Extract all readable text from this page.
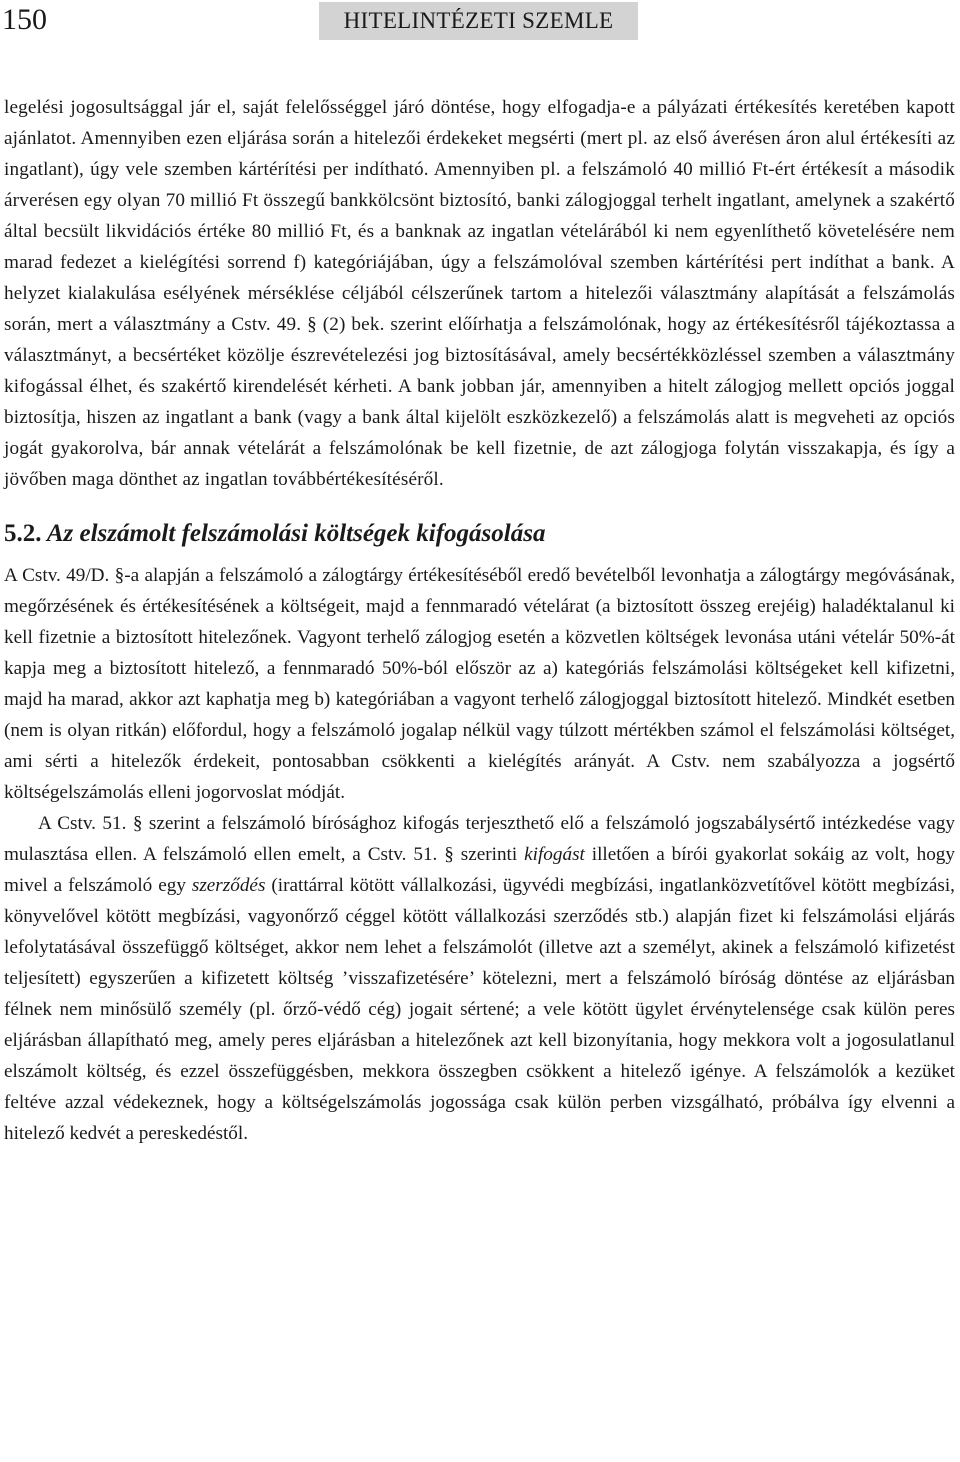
150	HITELINTÉZETI SZEMLE

legelési jogosultsággal jár el, saját felelősséggel járó döntése, hogy elfogadja-e a pályázati értékesítés keretében kapott ajánlatot. Amennyiben ezen eljárása során a hitelezői érdekeket megsérti (mert pl. az első áverésen áron alul értékesíti az ingatlant), úgy vele szemben kártérítési per indítható. Amennyiben pl. a felszámoló 40 millió Ft-ért értékesít a második árverésen egy olyan 70 millió Ft összegű bankkölcsönt biztosító, banki zálogjoggal terhelt ingatlant, amelynek a szakértő által becsült likvidációs értéke 80 millió Ft, és a banknak az ingatlan vételárából ki nem egyenlíthető követelésére nem marad fedezet a kielégítési sorrend f) kategóriájában, úgy a felszámolóval szemben kártérítési pert indíthat a bank. A helyzet kialakulása esélyének mérséklése céljából célszerűnek tartom a hitelezői választmány alapítását a felszámolás során, mert a választmány a Cstv. 49. § (2) bek. szerint előírhatja a felszámolónak, hogy az értékesítésről tájékoztassa a választmányt, a becsértéket közölje észrevételezési jog biztosításával, amely becsértékközléssel szemben a választmány kifogással élhet, és szakértő kirendelését kérheti. A bank jobban jár, amennyiben a hitelt zálogjog mellett opciós joggal biztosítja, hiszen az ingatlant a bank (vagy a bank által kijelölt eszközkezelő) a felszámolás alatt is megveheti az opciós jogát gyakorolva, bár annak vételárát a felszámolónak be kell fizetnie, de azt zálogjoga folytán visszakapja, és így a jövőben maga dönthet az ingatlan továbbértékesítéséről.

5.2. Az elszámolt felszámolási költségek kifogásolása

A Cstv. 49/D. §-a alapján a felszámoló a zálogtárgy értékesítéséből eredő bevételből levonhatja a zálogtárgy megóvásának, megőrzésének és értékesítésének a költségeit, majd a fennmaradó vételárat (a biztosított összeg erejéig) haladéktalanul ki kell fizetnie a biztosított hitelezőnek. Vagyont terhelő zálogjog esetén a közvetlen költségek levonása utáni vételár 50%-át kapja meg a biztosított hitelező, a fennmaradó 50%-ból először az a) kategóriás felszámolási költségeket kell kifizetni, majd ha marad, akkor azt kaphatja meg b) kategóriában a vagyont terhelő zálogjoggal biztosított hitelező. Mindkét esetben (nem is olyan ritkán) előfordul, hogy a felszámoló jogalap nélkül vagy túlzott mértékben számol el felszámolási költséget, ami sérti a hitelezők érdekeit, pontosabban csökkenti a kielégítés arányát. A Cstv. nem szabályozza a jogsértő költségelszámolás elleni jogorvoslat módját.

A Cstv. 51. § szerint a felszámoló bírósághoz kifogás terjeszthető elő a felszámoló jogszabálysértő intézkedése vagy mulasztása ellen. A felszámoló ellen emelt, a Cstv. 51. § szerinti kifogást illetően a bírói gyakorlat sokáig az volt, hogy mivel a felszámoló egy szerződés (irattárral kötött vállalkozási, ügyvédi megbízási, ingatlanközvetítővel kötött megbízási, könyvelővel kötött megbízási, vagyonőrző céggel kötött vállalkozási szerződés stb.) alapján fizet ki felszámolási eljárás lefolytatásával összefüggő költséget, akkor nem lehet a felszámolót (illetve azt a személyt, akinek a felszámoló kifizetést teljesített) egyszerűen a kifizetett költség ’visszafizetésére’ kötelezni, mert a felszámoló bíróság döntése az eljárásban félnek nem minősülő személy (pl. őrző-védő cég) jogait sértené; a vele kötött ügylet érvénytelensége csak külön peres eljárásban állapítható meg, amely peres eljárásban a hitelezőnek azt kell bizonyítania, hogy mekkora volt a jogosulatlanul elszámolt költség, és ezzel összefüggésben, mekkora összegben csökkent a hitelező igénye. A felszámolók a kezüket feltéve azzal védekeznek, hogy a költségelszámolás jogossága csak külön perben vizsgálható, próbálva így elvenni a hitelező kedvét a pereskedéstől.
